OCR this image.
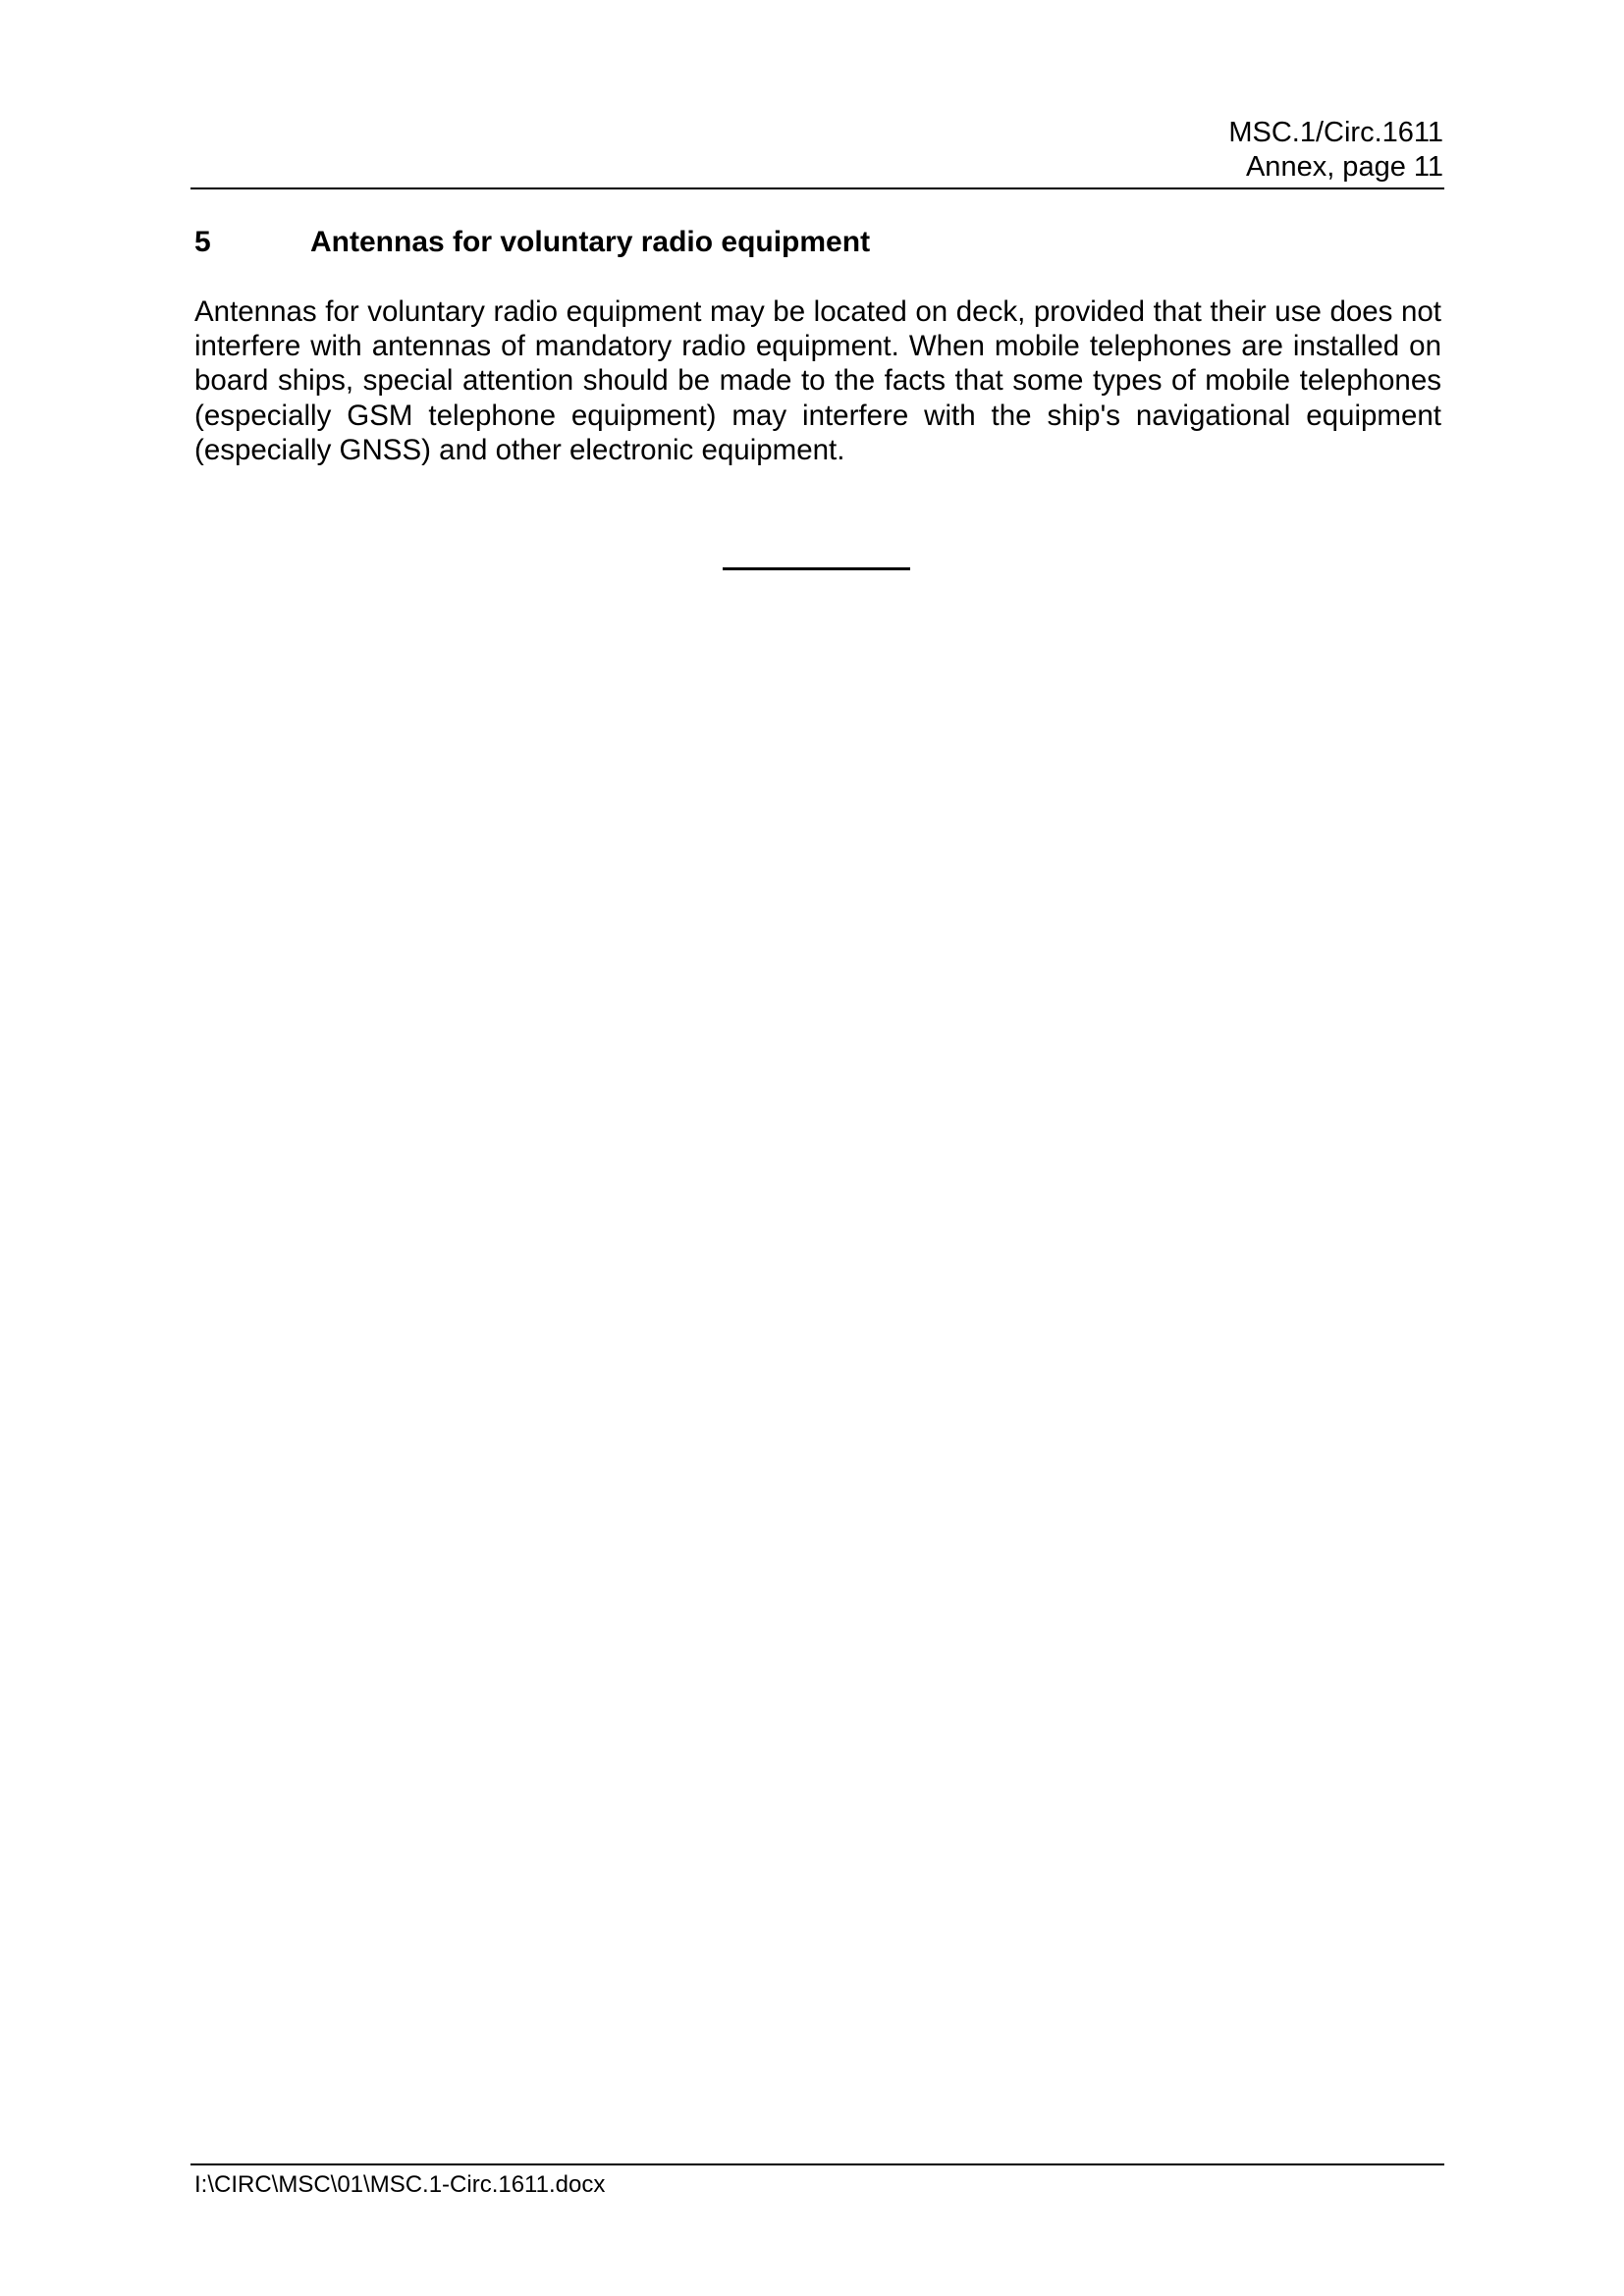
MSC.1/Circ.1611
Annex, page 11
5	Antennas for voluntary radio equipment
Antennas for voluntary radio equipment may be located on deck, provided that their use does not interfere with antennas of mandatory radio equipment. When mobile telephones are installed on board ships, special attention should be made to the facts that some types of mobile telephones (especially GSM telephone equipment) may interfere with the ship's navigational equipment (especially GNSS) and other electronic equipment.
I:\CIRC\MSC\01\MSC.1-Circ.1611.docx
